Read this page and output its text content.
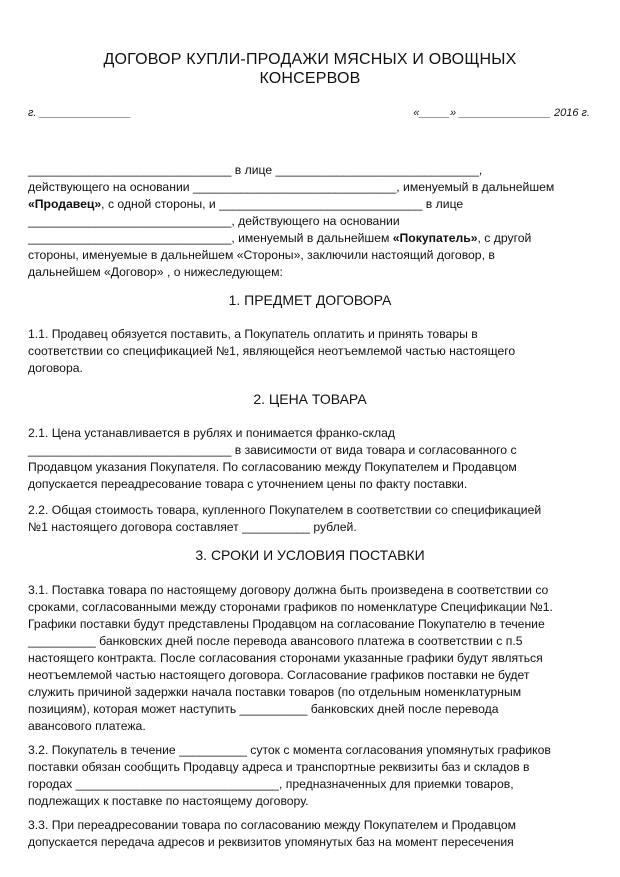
ДОГОВОР КУПЛИ-ПРОДАЖИ МЯСНЫХ И ОВОЩНЫХ
КОНСЕРВОВ
г. _______________	«_____» _______________ 2016 г.
______________________________ в лице ______________________________,
действующего на основании ______________________________, именуемый в дальнейшем
«Продавец», с одной стороны, и ______________________________ в лице
______________________________, действующего на основании
______________________________, именуемый в дальнейшем «Покупатель», с другой
стороны, именуемые в дальнейшем «Стороны», заключили настоящий договор, в
дальнейшем «Договор» , о нижеследующем:
1. ПРЕДМЕТ ДОГОВОРА
1.1. Продавец обязуется поставить, а Покупатель оплатить и принять товары в
соответствии со спецификацией №1, являющейся неотъемлемой частью настоящего
договора.
2. ЦЕНА ТОВАРА
2.1. Цена устанавливается в рублях и понимается франко-склад
______________________________ в зависимости от вида товара и согласованного с
Продавцом указания Покупателя. По согласованию между Покупателем и Продавцом
допускается переадресование товара с уточнением цены по факту поставки.
2.2. Общая стоимость товара, купленного Покупателем в соответствии со спецификацией
№1 настоящего договора составляет __________ рублей.
3. СРОКИ И УСЛОВИЯ ПОСТАВКИ
3.1. Поставка товара по настоящему договору должна быть произведена в соответствии со
сроками, согласованными между сторонами графиков по номенклатуре Спецификации №1.
Графики поставки будут представлены Продавцом на согласование Покупателю в течение
__________ банковских дней после перевода авансового платежа в соответствии с п.5
настоящего контракта. После согласования сторонами указанные графики будут являться
неотъемлемой частью настоящего договора. Согласование графиков поставки не будет
служить причиной задержки начала поставки товаров (по отдельным номенклатурным
позициям), которая может наступить __________ банковских дней после перевода
авансового платежа.
3.2. Покупатель в течение __________ суток с момента согласования упомянутых графиков
поставки обязан сообщить Продавцу адреса и транспортные реквизиты баз и складов в
городах ______________________________, предназначенных для приемки товаров,
подлежащих к поставке по настоящему договору.
3.3. При переадресовании товара по согласованию между Покупателем и Продавцом
допускается передача адресов и реквизитов упомянутых баз на момент пересечения
